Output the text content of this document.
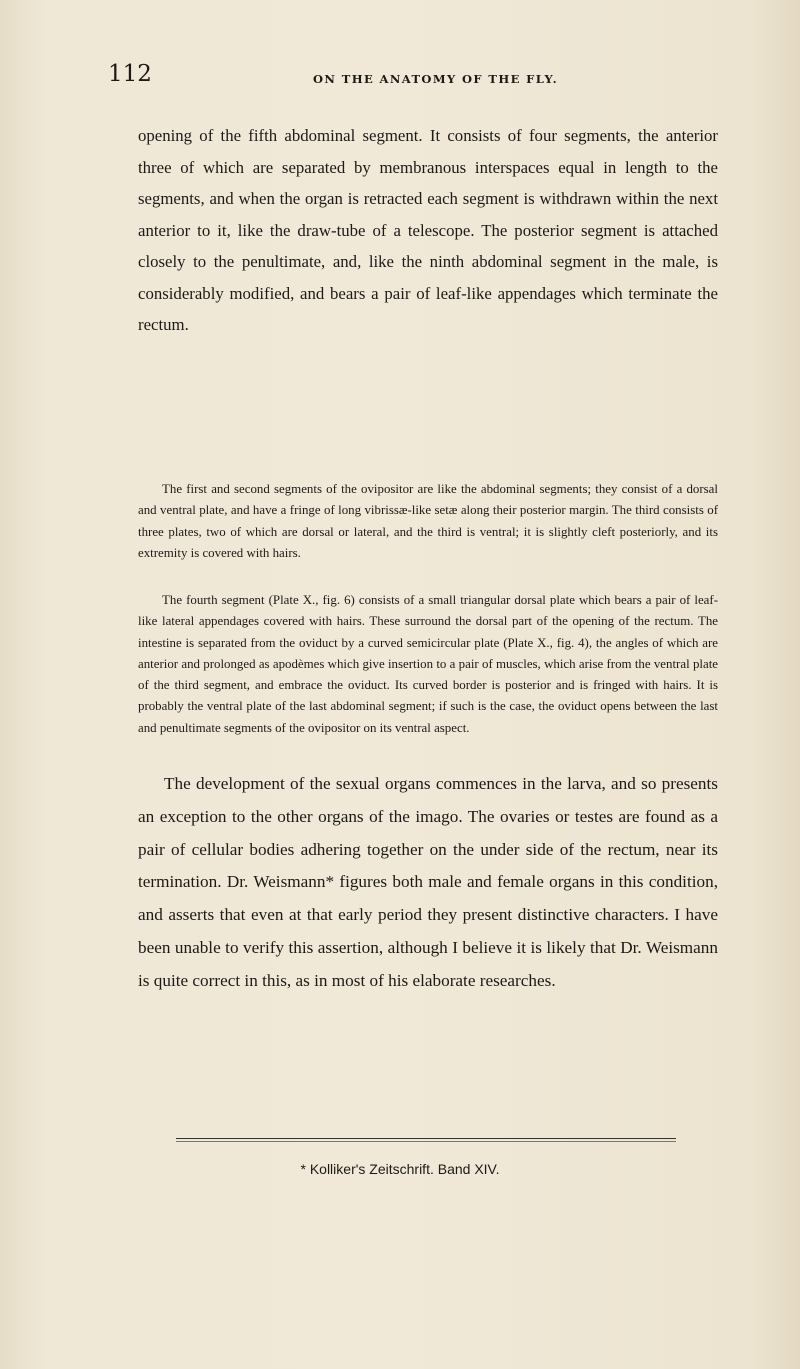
112	ON THE ANATOMY OF THE FLY.

opening of the fifth abdominal segment. It consists of four segments, the anterior three of which are separated by membranous interspaces equal in length to the segments, and when the organ is retracted each segment is withdrawn within the next anterior to it, like the draw-tube of a telescope. The posterior segment is attached closely to the penultimate, and, like the ninth abdominal segment in the male, is considerably modified, and bears a pair of leaf-like appendages which terminate the rectum.

The first and second segments of the ovipositor are like the abdominal segments; they consist of a dorsal and ventral plate, and have a fringe of long vibrissæ-like setæ along their posterior margin. The third consists of three plates, two of which are dorsal or lateral, and the third is ventral; it is slightly cleft posteriorly, and its extremity is covered with hairs.

The fourth segment (Plate X., fig. 6) consists of a small triangular dorsal plate which bears a pair of leaf-like lateral appendages covered with hairs. These surround the dorsal part of the opening of the rectum. The intestine is separated from the oviduct by a curved semicircular plate (Plate X., fig. 4), the angles of which are anterior and prolonged as apodèmes which give insertion to a pair of muscles, which arise from the ventral plate of the third segment, and embrace the oviduct. Its curved border is posterior and is fringed with hairs. It is probably the ventral plate of the last abdominal segment; if such is the case, the oviduct opens between the last and penultimate segments of the ovipositor on its ventral aspect.

The development of the sexual organs commences in the larva, and so presents an exception to the other organs of the imago. The ovaries or testes are found as a pair of cellular bodies adhering together on the under side of the rectum, near its termination. Dr. Weismann* figures both male and female organs in this condition, and asserts that even at that early period they present distinctive characters. I have been unable to verify this assertion, although I believe it is likely that Dr. Weismann is quite correct in this, as in most of his elaborate researches.

* Kolliker's Zeitschrift. Band XIV.
